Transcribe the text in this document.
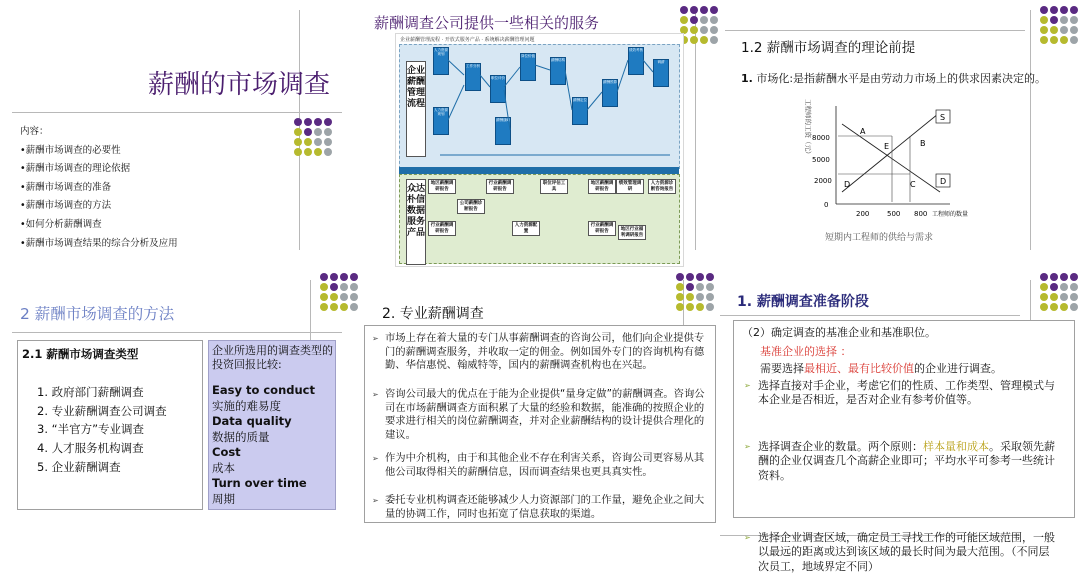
薪酬的市场调查
内容：
•薪酬市场调查的必要性
•薪酬市场调查的理论依据
•薪酬市场调查的准备
•薪酬市场调查的方法
•如何分析薪酬调查
•薪酬市场调查结果的综合分析及应用
薪酬调查公司提供一些相关的服务
企业薪酬管理流程 · 开放式服务产品 · 系统解决薪酬管理问题
企业薪酬管理流程
人力资源规划
人力资源规划
工作分析
职位评价
薪酬战略
岗位价值
薪酬结构
薪酬定位
薪酬预算
绩效考核
调薪
众达朴信数据服务产品
地区薪酬调研报告
公司薪酬诊断报告
行业薪酬调研报告
行业薪酬调研报告
职位评估工具
人力资源配置
地区薪酬调研报告
绩效管理调研
行业薪酬调研报告	地区行业福利调研报告
人力资源诊断咨询报告
1.2 薪酬市场调查的理论前提
1. 市场化:是指薪酬水平是由劳动力市场上的供求因素决定的。
工程师的工资（元） 8000
5000
2000
0
200	500 800 工程师的数量
A
B
C
D
E
S
D
短期内工程师的供给与需求
2 薪酬市场调查的方法
2.1 薪酬市场调查类型
1. 政府部门薪酬调查
2. 专业薪酬调查公司调查
3. “半官方”专业调查
4. 人才服务机构调查
5. 企业薪酬调查
企业所选用的调查类型的投资回报比较:
Easy to conduct
实施的难易度
Data quality
数据的质量
Cost
成本
Turn over time
周期
2. 专业薪酬调查
➢ 市场上存在着大量的专门从事薪酬调查的咨询公司，他们向企业提供专门的薪酬调查服务，并收取一定的佣金。例如国外专门的咨询机构有德勤、华信惠悦、翰威特等，国内的薪酬调查机构也在兴起。
➢ 咨询公司最大的优点在于能为企业提供“量身定做”的薪酬调查。咨询公司在市场薪酬调查方面积累了大量的经验和数据，能准确的按照企业的要求进行相关的岗位薪酬调查，并对企业薪酬结构的设计提供合理化的建议。
➢ 作为中介机构，由于和其他企业不存在利害关系，咨询公司更容易从其他公司取得相关的薪酬信息，因而调查结果也更具真实性。
➢ 委托专业机构调查还能够减少人力资源部门的工作量，避免企业之间大量的协调工作，同时也拓宽了信息获取的渠道。
1. 薪酬调查准备阶段
（2）确定调查的基准企业和基准职位。
基准企业的选择 ：
需要选择最相近、最有比较价值的企业进行调查。
➢ 选择直接对手企业，考虑它们的性质、工作类型、管理模式与本企业是否相近，是否对企业有参考价值等。
➢ 选择调查企业的数量。两个原则：样本量和成本。采取领先薪酬的企业仅调查几个高薪企业即可；平均水平可参考一些统计资料。
➢ 选择企业调查区域，确定员工寻找工作的可能区域范围，一般以最远的距离或达到该区域的最长时间为最大范围。（不同层次员工，地域界定不同）
